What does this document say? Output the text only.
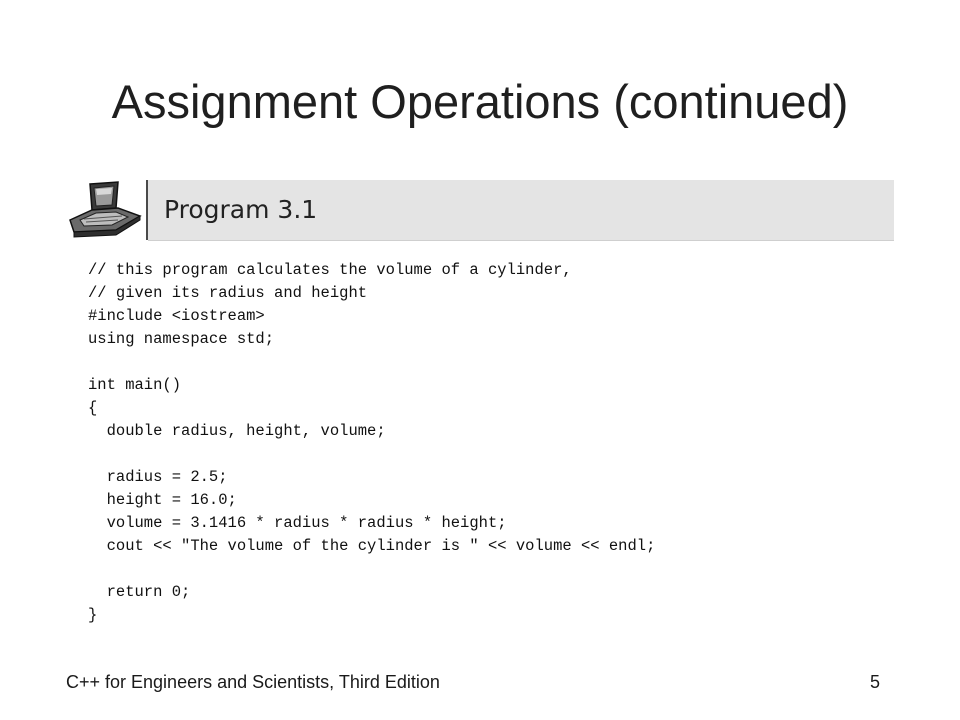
Assignment Operations (continued)
Program 3.1
// this program calculates the volume of a cylinder,
// given its radius and height
#include <iostream>
using namespace std;
int main()
{
double radius, height, volume;
radius = 2.5;
height = 16.0;
volume = 3.1416 * radius * radius * height;
cout << "The volume of the cylinder is " << volume << endl;
return 0;
}
C++ for Engineers and Scientists, Third Edition	5
